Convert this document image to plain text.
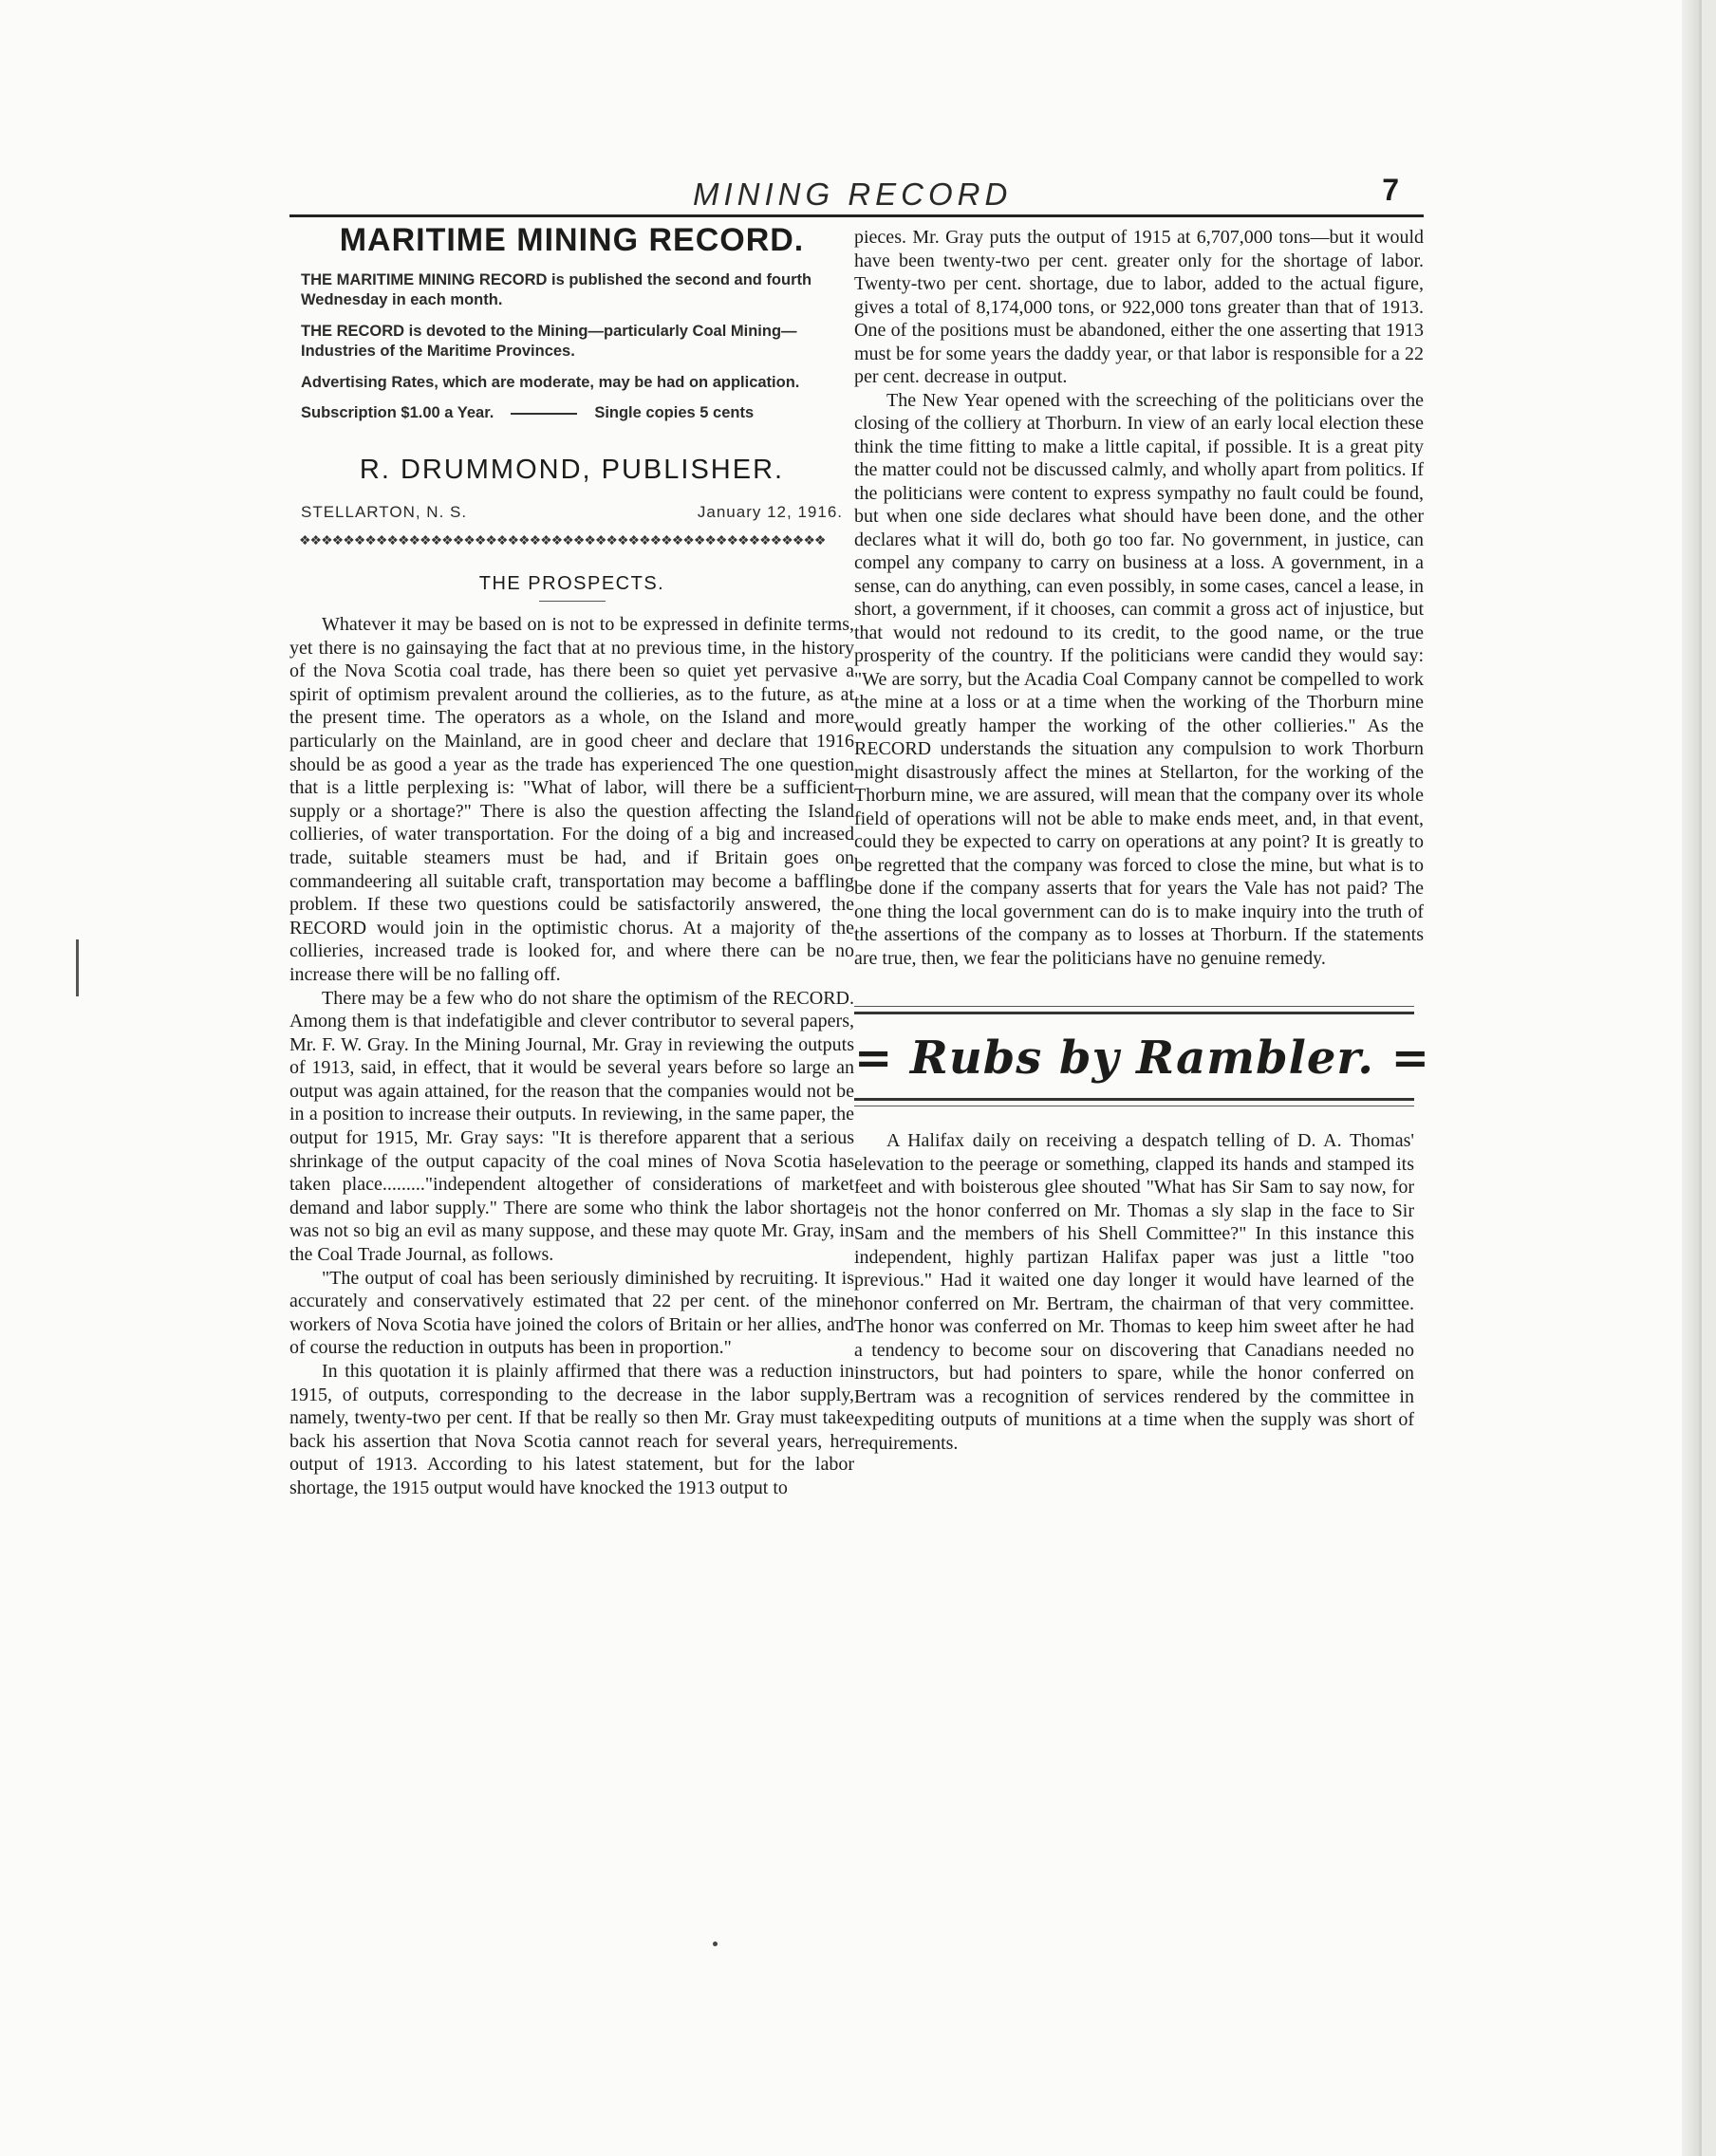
MINING RECORD	7
MARITIME MINING RECORD.

THE MARITIME MINING RECORD is published the second and fourth Wednesday in each month.

THE RECORD is devoted to the Mining—particularly Coal Mining—Industries of the Maritime Provinces.

Advertising Rates, which are moderate, may be had on application.

Subscription $1.00 a Year.	Single copies 5 cents
R. DRUMMOND, PUBLISHER.
STELLARTON, N. S.	January 12, 1916.
❖❖❖❖❖❖❖❖❖❖❖❖❖❖❖❖❖❖❖❖❖❖❖❖❖❖❖❖❖❖❖❖❖❖❖❖❖❖❖❖❖❖❖❖❖❖❖❖
THE PROSPECTS.

Whatever it may be based on is not to be expressed in definite terms, yet there is no gainsaying the fact that at no previous time, in the history of the Nova Scotia coal trade, has there been so quiet yet pervasive a spirit of optimism prevalent around the collieries, as to the future, as at the present time. The operators as a whole, on the Island and more particularly on the Mainland, are in good cheer and declare that 1916 should be as good a year as the trade has experienced The one question that is a little perplexing is: "What of labor, will there be a sufficient supply or a shortage?" There is also the question affecting the Island collieries, of water transportation. For the doing of a big and increased trade, suitable steamers must be had, and if Britain goes on commandeering all suitable craft, transportation may become a baffling problem. If these two questions could be satisfactorily answered, the RECORD would join in the optimistic chorus. At a majority of the collieries, increased trade is looked for, and where there can be no increase there will be no falling off.

There may be a few who do not share the optimism of the RECORD. Among them is that indefatigible and clever contributor to several papers, Mr. F. W. Gray. In the Mining Journal, Mr. Gray in reviewing the outputs of 1913, said, in effect, that it would be several years before so large an output was again attained, for the reason that the companies would not be in a position to increase their outputs. In reviewing, in the same paper, the output for 1915, Mr. Gray says: "It is therefore apparent that a serious shrinkage of the output capacity of the coal mines of Nova Scotia has taken place........."independent altogether of considerations of market demand and labor supply." There are some who think the labor shortage was not so big an evil as many suppose, and these may quote Mr. Gray, in the Coal Trade Journal, as follows.

"The output of coal has been seriously diminished by recruiting. It is accurately and conservatively estimated that 22 per cent. of the mine workers of Nova Scotia have joined the colors of Britain or her allies, and of course the reduction in outputs has been in proportion."

In this quotation it is plainly affirmed that there was a reduction in 1915, of outputs, corresponding to the decrease in the labor supply, namely, twenty-two per cent. If that be really so then Mr. Gray must take back his assertion that Nova Scotia cannot reach for several years, her output of 1913. According to his latest statement, but for the labor shortage, the 1915 output would have knocked the 1913 output to

pieces. Mr. Gray puts the output of 1915 at 6,707,000 tons—but it would have been twenty-two per cent. greater only for the shortage of labor. Twenty-two per cent. shortage, due to labor, added to the actual figure, gives a total of 8,174,000 tons, or 922,000 tons greater than that of 1913. One of the positions must be abandoned, either the one asserting that 1913 must be for some years the daddy year, or that labor is responsible for a 22 per cent. decrease in output.

The New Year opened with the screeching of the politicians over the closing of the colliery at Thorburn. In view of an early local election these think the time fitting to make a little capital, if possible. It is a great pity the matter could not be discussed calmly, and wholly apart from politics. If the politicians were content to express sympathy no fault could be found, but when one side declares what should have been done, and the other declares what it will do, both go too far. No government, in justice, can compel any company to carry on business at a loss. A government, in a sense, can do anything, can even possibly, in some cases, cancel a lease, in short, a government, if it chooses, can commit a gross act of injustice, but that would not redound to its credit, to the good name, or the true prosperity of the country. If the politicians were candid they would say: "We are sorry, but the Acadia Coal Company cannot be compelled to work the mine at a loss or at a time when the working of the Thorburn mine would greatly hamper the working of the other collieries." As the RECORD understands the situation any compulsion to work Thorburn might disastrously affect the mines at Stellarton, for the working of the Thorburn mine, we are assured, will mean that the company over its whole field of operations will not be able to make ends meet, and, in that event, could they be expected to carry on operations at any point? It is greatly to be regretted that the company was forced to close the mine, but what is to be done if the company asserts that for years the Vale has not paid? The one thing the local government can do is to make inquiry into the truth of the assertions of the company as to losses at Thorburn. If the statements are true, then, we fear the politicians have no genuine remedy.

= Rubs by Rambler. =

A Halifax daily on receiving a despatch telling of D. A. Thomas' elevation to the peerage or something, clapped its hands and stamped its feet and with boisterous glee shouted "What has Sir Sam to say now, for is not the honor conferred on Mr. Thomas a sly slap in the face to Sir Sam and the members of his Shell Committee?" In this instance this independent, highly partizan Halifax paper was just a little "too previous." Had it waited one day longer it would have learned of the honor conferred on Mr. Bertram, the chairman of that very committee. The honor was conferred on Mr. Thomas to keep him sweet after he had a tendency to become sour on discovering that Canadians needed no instructors, but had pointers to spare, while the honor conferred on Bertram was a recognition of services rendered by the committee in expediting outputs of munitions at a time when the supply was short of requirements.
